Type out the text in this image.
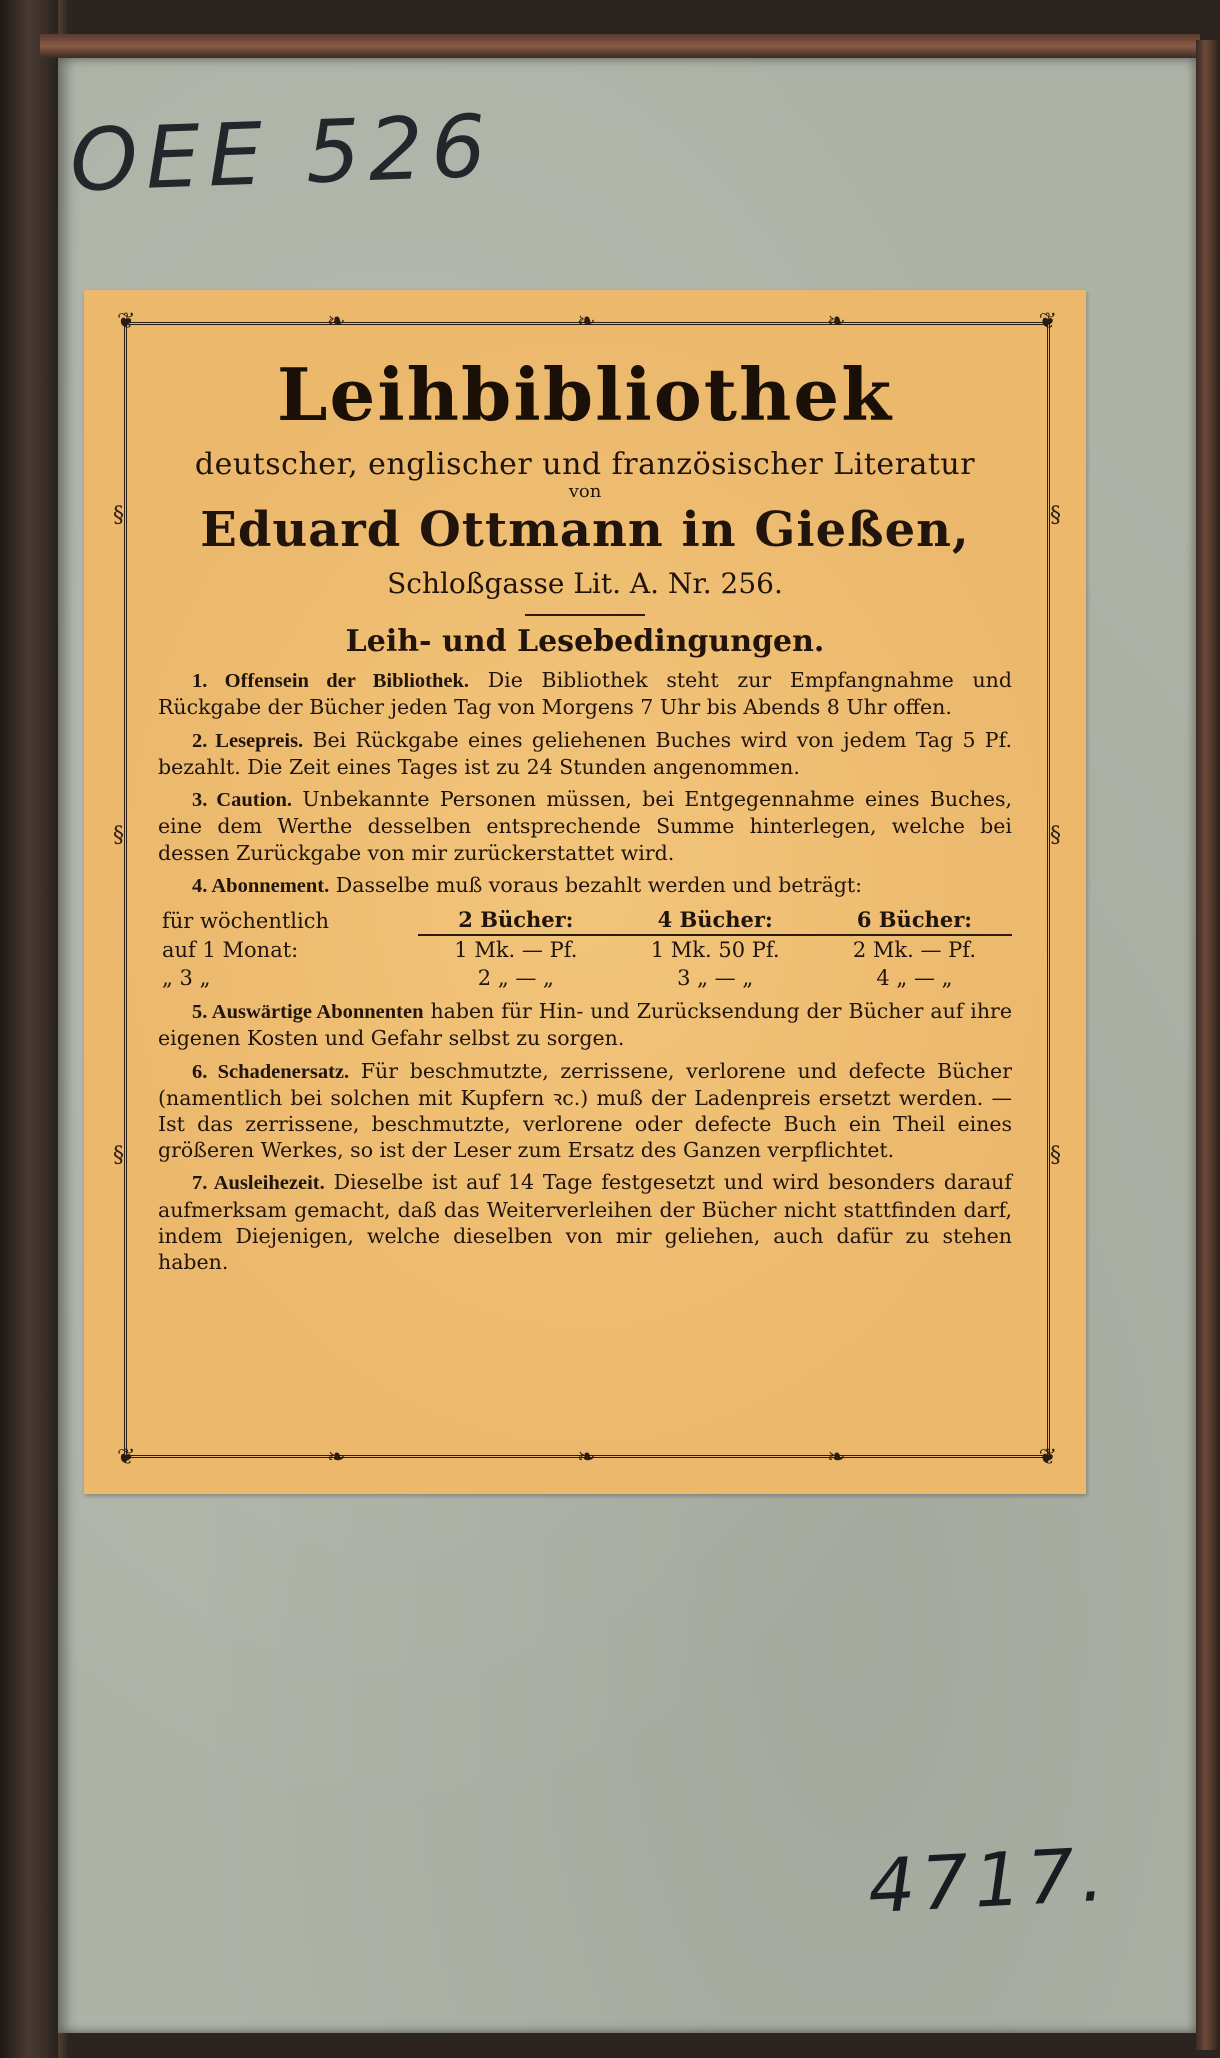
OEE 526
❦	❦
❦	❦
❧	❧	❧
❧	❧	❧
§
§
§
§
§
§

Leihbibliothek

deutscher, englischer und französischer Literatur

von

Eduard Ottmann in Gießen,

Schloßgasse Lit. A. Nr. 256.

Leih- und Lesebedingungen.

1. Offensein der Bibliothek. Die Bibliothek steht zur Empfangnahme und Rückgabe der Bücher jeden Tag von Morgens 7 Uhr bis Abends 8 Uhr offen.

2. Lesepreis. Bei Rückgabe eines geliehenen Buches wird von jedem Tag 5 Pf. bezahlt. Die Zeit eines Tages ist zu 24 Stunden angenommen.

3. Caution. Unbekannte Personen müssen, bei Entgegennahme eines Buches, eine dem Werthe desselben entsprechende Summe hinterlegen, welche bei dessen Zurückgabe von mir zurückerstattet wird.

4. Abonnement. Dasselbe muß voraus bezahlt werden und beträgt:

für wöchentlich	2 Bücher:	4 Bücher:	6 Bücher:
auf 1 Monat:	1 Mk. — Pf.	1 Mk. 50 Pf.	2 Mk. — Pf.
„ 3 „	2 „ — „	3 „ — „	4 „ — „

5. Auswärtige Abonnenten haben für Hin- und Zurücksendung der Bücher auf ihre eigenen Kosten und Gefahr selbst zu sorgen.

6. Schadenersatz. Für beschmutzte, zerrissene, verlorene und defecte Bücher (namentlich bei solchen mit Kupfern ꝛc.) muß der Ladenpreis ersetzt werden. — Ist das zerrissene, beschmutzte, verlorene oder defecte Buch ein Theil eines größeren Werkes, so ist der Leser zum Ersatz des Ganzen verpflichtet.

7. Ausleihezeit. Dieselbe ist auf 14 Tage festgesetzt und wird besonders darauf aufmerksam gemacht, daß das Weiterverleihen der Bücher nicht stattfinden darf, indem Diejenigen, welche dieselben von mir geliehen, auch dafür zu stehen haben.

4717.
